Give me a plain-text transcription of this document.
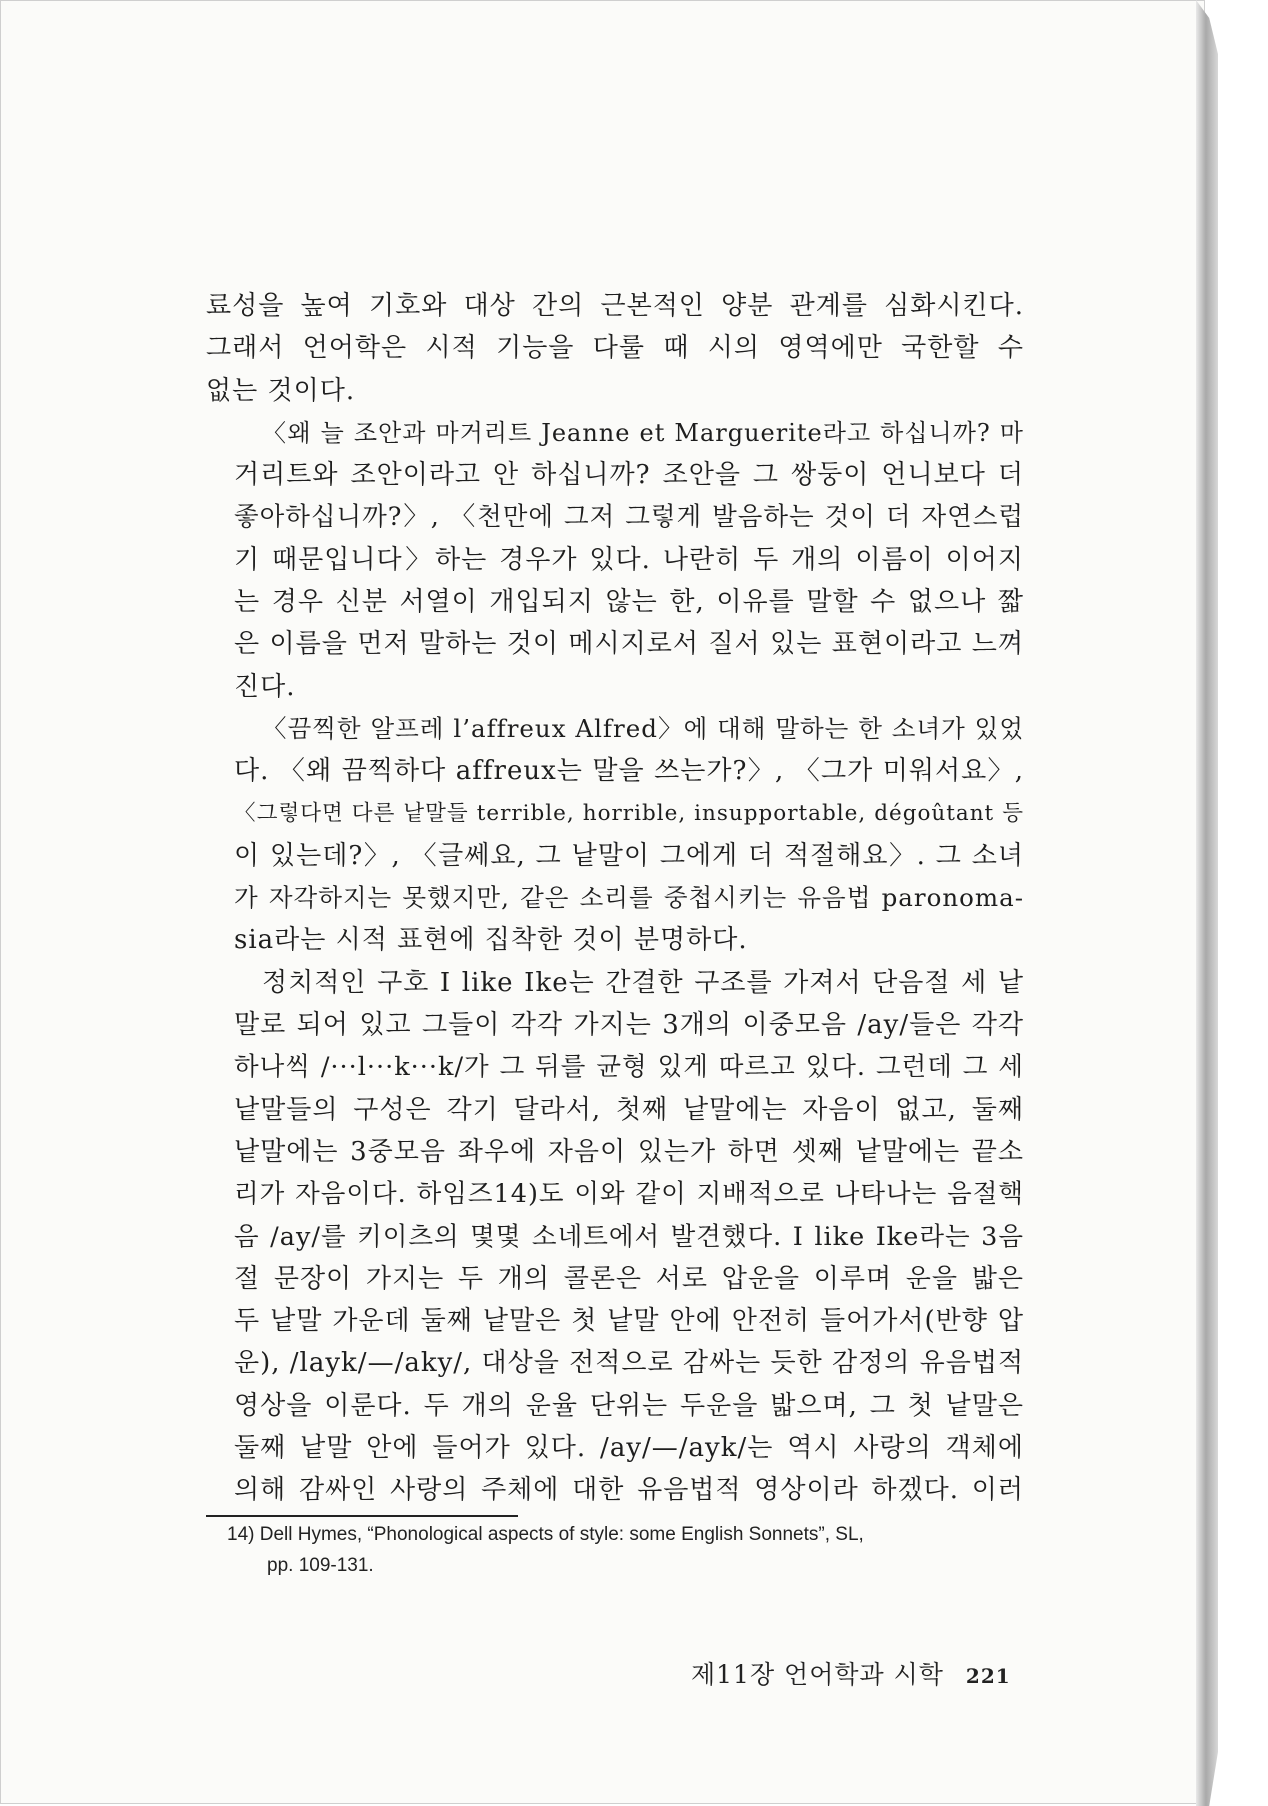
료성을 높여 기호와 대상 간의 근본적인 양분 관계를 심화시킨다.
그래서 언어학은 시적 기능을 다룰 때 시의 영역에만 국한할 수
없는 것이다.

〈왜 늘 조안과 마거리트 Jeanne et Marguerite라고 하십니까? 마
거리트와 조안이라고 안 하십니까? 조안을 그 쌍둥이 언니보다 더
좋아하십니까?〉, 〈천만에 그저 그렇게 발음하는 것이 더 자연스럽
기 때문입니다〉하는 경우가 있다. 나란히 두 개의 이름이 이어지
는 경우 신분 서열이 개입되지 않는 한, 이유를 말할 수 없으나 짧
은 이름을 먼저 말하는 것이 메시지로서 질서 있는 표현이라고 느껴
진다.

〈끔찍한 알프레 l’affreux Alfred〉에 대해 말하는 한 소녀가 있었
다. 〈왜 끔찍하다 affreux는 말을 쓰는가?〉, 〈그가 미워서요〉,
〈그렇다면 다른 낱말들 terrible, horrible, insupportable, dégoûtant 등
이 있는데?〉, 〈글쎄요, 그 낱말이 그에게 더 적절해요〉. 그 소녀
가 자각하지는 못했지만, 같은 소리를 중첩시키는 유음법 paronoma-
sia라는 시적 표현에 집착한 것이 분명하다.

정치적인 구호 I like Ike는 간결한 구조를 가져서 단음절 세 낱
말로 되어 있고 그들이 각각 가지는 3개의 이중모음 /ay/들은 각각
하나씩 /···l···k···k/가 그 뒤를 균형 있게 따르고 있다. 그런데 그 세
낱말들의 구성은 각기 달라서, 첫째 낱말에는 자음이 없고, 둘째
낱말에는 3중모음 좌우에 자음이 있는가 하면 셋째 낱말에는 끝소
리가 자음이다. 하임즈14)도 이와 같이 지배적으로 나타나는 음절핵
음 /ay/를 키이츠의 몇몇 소네트에서 발견했다. I like Ike라는 3음
절 문장이 가지는 두 개의 콜론은 서로 압운을 이루며 운을 밟은
두 낱말 가운데 둘째 낱말은 첫 낱말 안에 안전히 들어가서(반향 압
운), /layk/—/aky/, 대상을 전적으로 감싸는 듯한 감정의 유음법적
영상을 이룬다. 두 개의 운율 단위는 두운을 밟으며, 그 첫 낱말은
둘째 낱말 안에 들어가 있다. /ay/—/ayk/는 역시 사랑의 객체에
의해 감싸인 사랑의 주체에 대한 유음법적 영상이라 하겠다. 이러

14) Dell Hymes, “Phonological aspects of style: some English Sonnets”, SL,
pp. 109-131.
제11장 언어학과 시학 221
